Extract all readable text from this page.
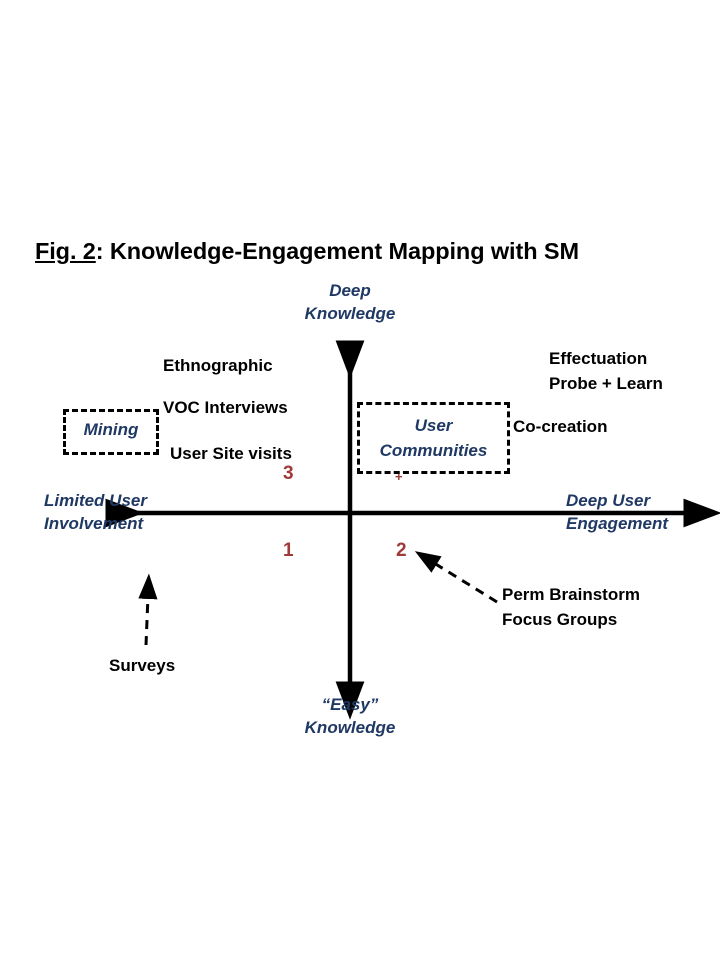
Fig. 2: Knowledge-Engagement Mapping with SM
Deep
Knowledge
“Easy”
Knowledge
Limited User
Involvement
Deep User
Engagement
3
1	2
+
Mining	User
Communities
Ethnographic
VOC Interviews
User Site visits
Effectuation
Probe + Learn
Co-creation
Perm Brainstorm
Focus Groups
Surveys
